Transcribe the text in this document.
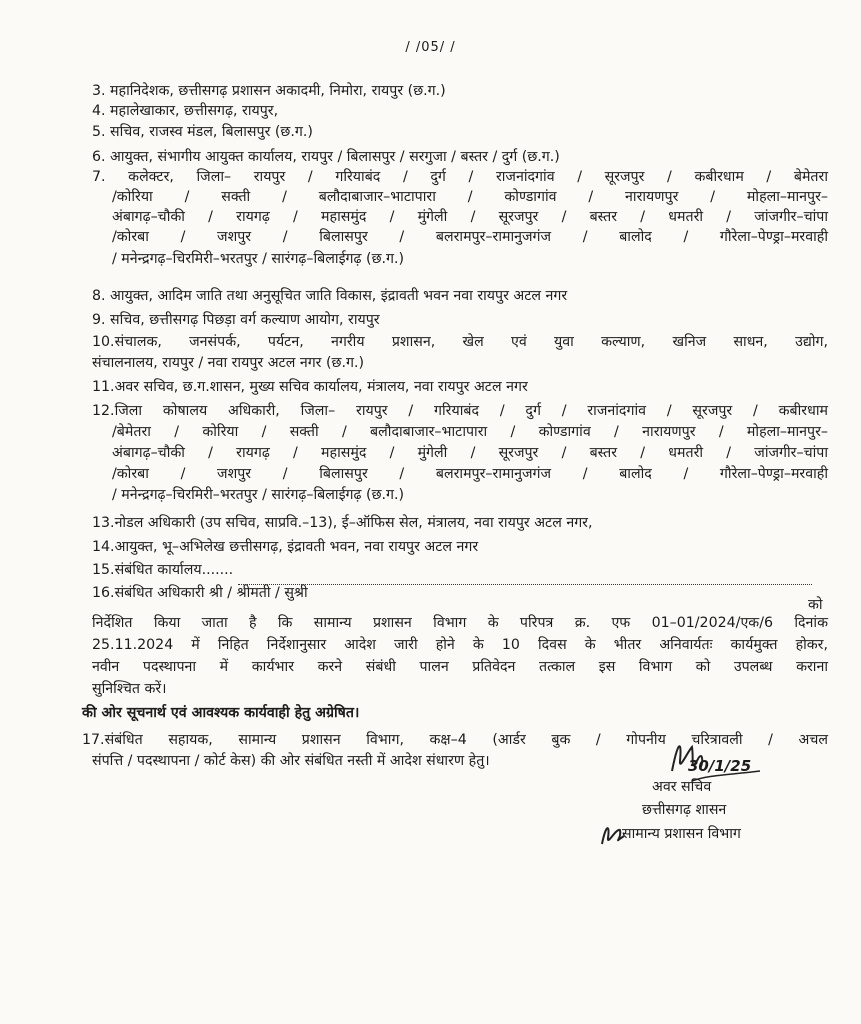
/ /05/ /
3. महानिदेशक, छत्तीसगढ़ प्रशासन अकादमी, निमोरा, रायपुर (छ.ग.)
4. महालेखाकार, छत्तीसगढ़, रायपुर,
5. सचिव, राजस्व मंडल, बिलासपुर (छ.ग.)
6. आयुक्त, संभागीय आयुक्त कार्यालय, रायपुर / बिलासपुर / सरगुजा / बस्तर / दुर्ग (छ.ग.)
7. कलेक्टर, जिला– रायपुर / गरियाबंद / दुर्ग / राजनांदगांव / सूरजपुर / कबीरधाम / बेमेतरा
/कोरिया / सक्ती / बलौदाबाजार–भाटापारा / कोण्डागांव / नारायणपुर / मोहला–मानपुर–
अंबागढ़–चौकी / रायगढ़ / महासमुंद / मुंगेली / सूरजपुर / बस्तर / धमतरी / जांजगीर–चांपा
/कोरबा / जशपुर / बिलासपुर / बलरामपुर–रामानुजगंज / बालोद / गौरेला–पेण्ड्रा–मरवाही
/ मनेन्द्रगढ़–चिरमिरी–भरतपुर / सारंगढ़–बिलाईगढ़ (छ.ग.)
8. आयुक्त, आदिम जाति तथा अनुसूचित जाति विकास, इंद्रावती भवन नवा रायपुर अटल नगर
9. सचिव, छत्तीसगढ़ पिछड़ा वर्ग कल्याण आयोग, रायपुर
10.संचालक, जनसंपर्क, पर्यटन, नगरीय प्रशासन, खेल एवं युवा कल्याण, खनिज साधन, उद्योग,
संचालनालय, रायपुर / नवा रायपुर अटल नगर (छ.ग.)
11.अवर सचिव, छ.ग.शासन, मुख्य सचिव कार्यालय, मंत्रालय, नवा रायपुर अटल नगर
12.जिला कोषालय अधिकारी, जिला– रायपुर / गरियाबंद / दुर्ग / राजनांदगांव / सूरजपुर / कबीरधाम
/बेमेतरा / कोरिया / सक्ती / बलौदाबाजार–भाटापारा / कोण्डागांव / नारायणपुर / मोहला–मानपुर–
अंबागढ़–चौकी / रायगढ़ / महासमुंद / मुंगेली / सूरजपुर / बस्तर / धमतरी / जांजगीर–चांपा
/कोरबा / जशपुर / बिलासपुर / बलरामपुर–रामानुजगंज / बालोद / गौरेला–पेण्ड्रा–मरवाही
/ मनेन्द्रगढ़–चिरमिरी–भरतपुर / सारंगढ़–बिलाईगढ़ (छ.ग.)
13.नोडल अधिकारी (उप सचिव, साप्रवि.–13), ई–ऑफिस सेल, मंत्रालय, नवा रायपुर अटल नगर,
14.आयुक्त, भू–अभिलेख छत्तीसगढ़, इंद्रावती भवन, नवा रायपुर अटल नगर
15.संबंधित कार्यालय.......
16.संबंधित अधिकारी श्री / श्रीमती / सुश्री
को
निर्देशित किया जाता है कि सामान्य प्रशासन विभाग के परिपत्र क्र. एफ 01–01/2024/एक/6 दिनांक
25.11.2024 में निहित निर्देशानुसार आदेश जारी होने के 10 दिवस के भीतर अनिवार्यतः कार्यमुक्त होकर,
नवीन पदस्थापना में कार्यभार करने संबंधी पालन प्रतिवेदन तत्काल इस विभाग को उपलब्ध कराना
सुनिश्चित करें।
की ओर सूचनार्थ एवं आवश्यक कार्यवाही हेतु अग्रेषित।
17.संबंधित सहायक, सामान्य प्रशासन विभाग, कक्ष–4 (आर्डर बुक / गोपनीय चरित्रावली / अचल
संपत्ति / पदस्थापना / कोर्ट केस) की ओर संबंधित नस्ती में आदेश संधारण हेतु।	30/1/25
अवर सचिव
छत्तीसगढ़ शासन
सामान्य प्रशासन विभाग
